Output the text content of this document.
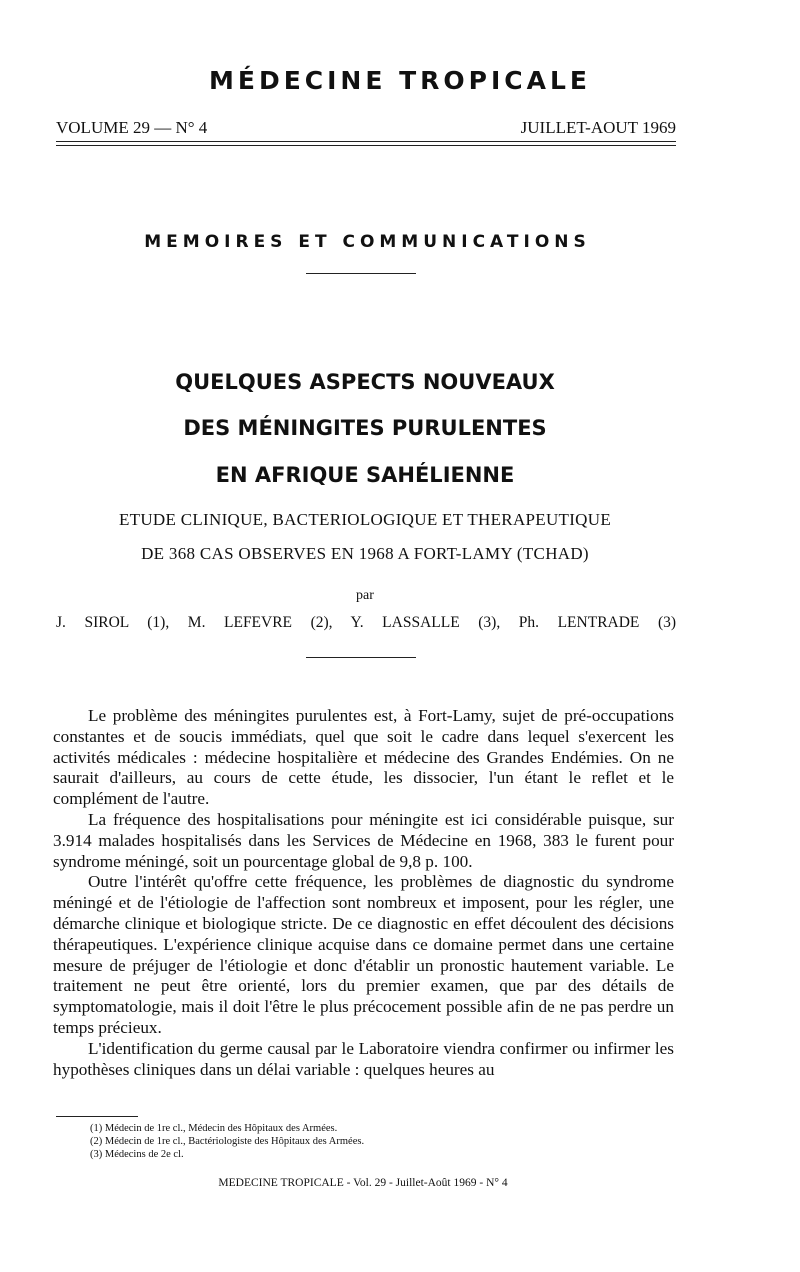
MÉDECINE TROPICALE
VOLUME 29 — N° 4	JUILLET-AOUT 1969
MEMOIRES ET COMMUNICATIONS
QUELQUES ASPECTS NOUVEAUX
DES MÉNINGITES PURULENTES
EN AFRIQUE SAHÉLIENNE
ETUDE CLINIQUE, BACTERIOLOGIQUE ET THERAPEUTIQUE
DE 368 CAS OBSERVES EN 1968 A FORT-LAMY (TCHAD)
par
J. SIROL (1), M. LEFEVRE (2), Y. LASSALLE (3), Ph. LENTRADE (3)

Le problème des méningites purulentes est, à Fort-Lamy, sujet de pré-occupations constantes et de soucis immédiats, quel que soit le cadre dans lequel s'exercent les activités médicales : médecine hospitalière et médecine des Grandes Endémies. On ne saurait d'ailleurs, au cours de cette étude, les dissocier, l'un étant le reflet et le complément de l'autre.

La fréquence des hospitalisations pour méningite est ici considérable puisque, sur 3.914 malades hospitalisés dans les Services de Médecine en 1968, 383 le furent pour syndrome méningé, soit un pourcentage global de 9,8 p. 100.

Outre l'intérêt qu'offre cette fréquence, les problèmes de diagnostic du syndrome méningé et de l'étiologie de l'affection sont nombreux et imposent, pour les régler, une démarche clinique et biologique stricte. De ce diagnostic en effet découlent des décisions thérapeutiques. L'expérience clinique acquise dans ce domaine permet dans une certaine mesure de préjuger de l'étiologie et donc d'établir un pronostic hautement variable. Le traitement ne peut être orienté, lors du premier examen, que par des détails de symptomatologie, mais il doit l'être le plus précocement possible afin de ne pas perdre un temps précieux.

L'identification du germe causal par le Laboratoire viendra confirmer ou infirmer les hypothèses cliniques dans un délai variable : quelques heures au

(1) Médecin de 1re cl., Médecin des Hôpitaux des Armées.

(2) Médecin de 1re cl., Bactériologiste des Hôpitaux des Armées.

(3) Médecins de 2e cl.

MEDECINE TROPICALE - Vol. 29 - Juillet-Août 1969 - N° 4
